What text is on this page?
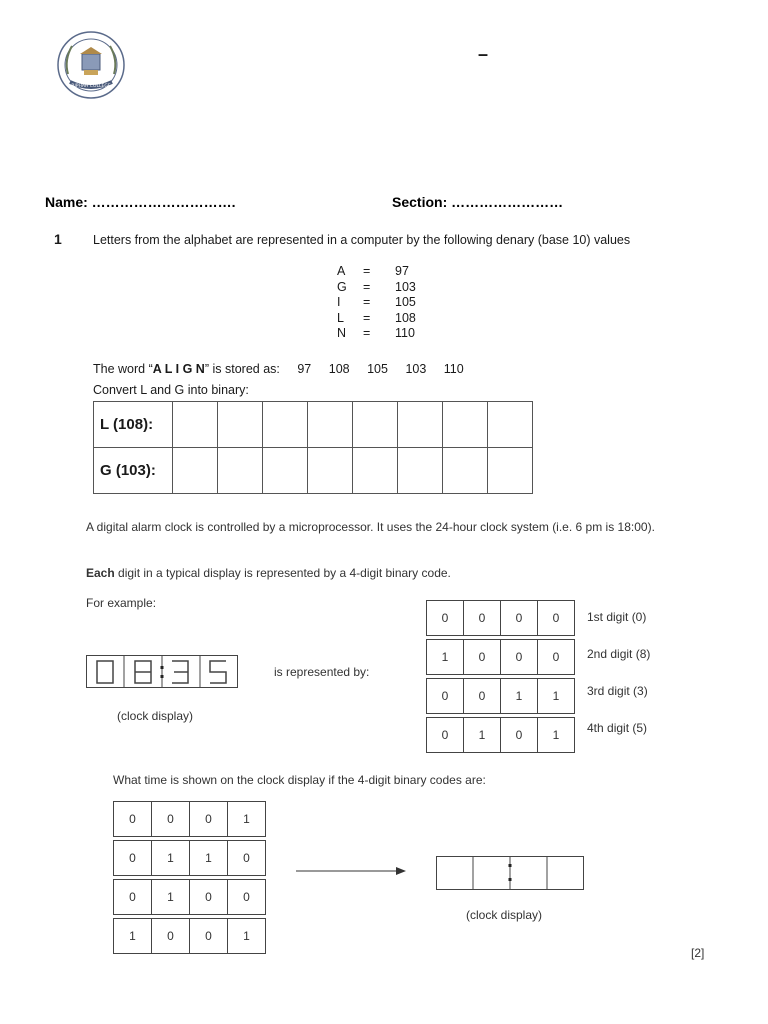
RIPHAH COLLEGE
–
Name: ………………………….	Section: ……………………
1 Letters from the alphabet are represented in a computer by the following denary (base 10) values
A	=	97
G	=	103
I	=	105
L	=	108
N	=	110
The word “A L I G N” is stored as: 97 108 105 103 110
Convert L and G into binary:
L (108):								
G (103):								
A digital alarm clock is controlled by a microprocessor. It uses the 24-hour clock system (i.e. 6 pm is 18:00).
Each digit in a typical display is represented by a 4-digit binary code.
For example:
(clock display)
is represented by:
0	0	0	0

1	0	0	0

0	0	1	1

0	1	0	1
1st digit (0)
2nd digit (8)
3rd digit (3)
4th digit (5)
What time is shown on the clock display if the 4-digit binary codes are:
0	0	0	1

0	1	1	0

0	1	0	0

1	0	0	1
(clock display)
[2]
